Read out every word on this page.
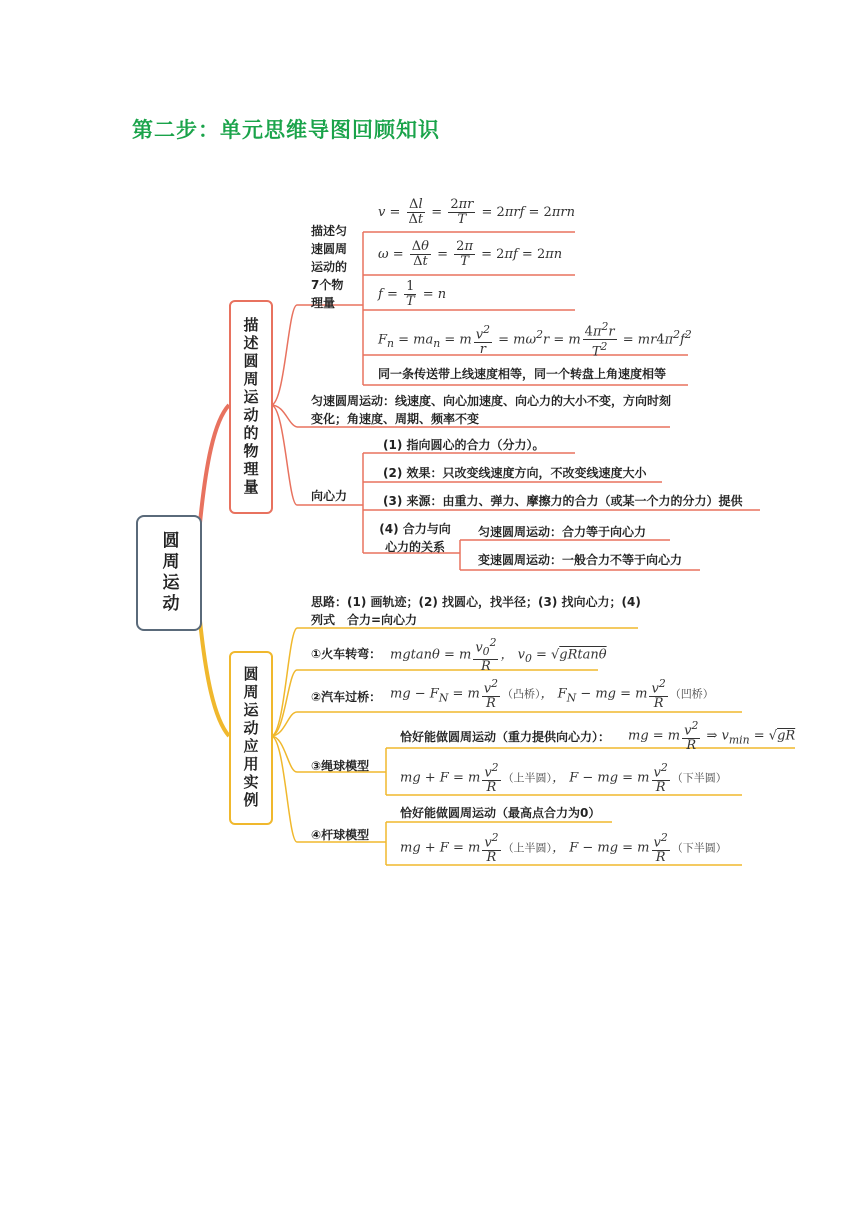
第二步：单元思维导图回顾知识
圆周运动
描述圆周运动的物理量
描述匀速圆周运动的7个物理量
$v = \frac{\Delta l}{\Delta t} = \frac{2\pi r}{T} = 2\pi rf = 2\pi rn$
$\omega = \frac{\Delta\theta}{\Delta t} = \frac{2\pi}{T} = 2\pi f = 2\pi n$
$f = \frac{1}{T} = n$
$F_n = ma_n = m \frac{v^2}{r} = m\omega^2r = m \frac{4\pi^2r}{T^2} = mr4\pi^2f^2$
同一条传送带上线速度相等，同一个转盘上角速度相等
匀速圆周运动：线速度、向心加速度、向心力的大小不变，方向时刻变化；角速度、周期、频率不变
向心力
(1) 指向圆心的合力（分力）。
(2) 效果：只改变线速度方向，不改变线速度大小
(3) 来源：由重力、弹力、摩擦力的合力（或某一个力的分力）提供
(4) 合力与向心力的关系
匀速圆周运动：合力等于向心力
变速圆周运动：一般合力不等于向心力
圆周运动应用实例
思路：(1) 画轨迹；(2) 找圆心，找半径；(3) 找向心力；(4) 列式　合力=向心力
①火车转弯： mgtanθ = m $\frac{v_0^2}{R}$ ， $v_0 = √gRtan\theta$
②汽车过桥： mg − $F_N = m \frac{v^2}{R}$ （凸桥）， $F_N$ − mg = m $\frac{v^2}{R}$ （凹桥）
③绳球模型
恰好能做圆周运动（重力提供向心力）： mg = m $\frac{v^2}{R}$ ⇒ $v_{min} = √gR$
mg + F = m $\frac{v^2}{R}$ （上半圆）， F − mg = m $\frac{v^2}{R}$ （下半圆）
④杆球模型
恰好能做圆周运动（最高点合力为0）
mg + F = m $\frac{v^2}{R}$ （上半圆）， F − mg = m $\frac{v^2}{R}$ （下半圆）
